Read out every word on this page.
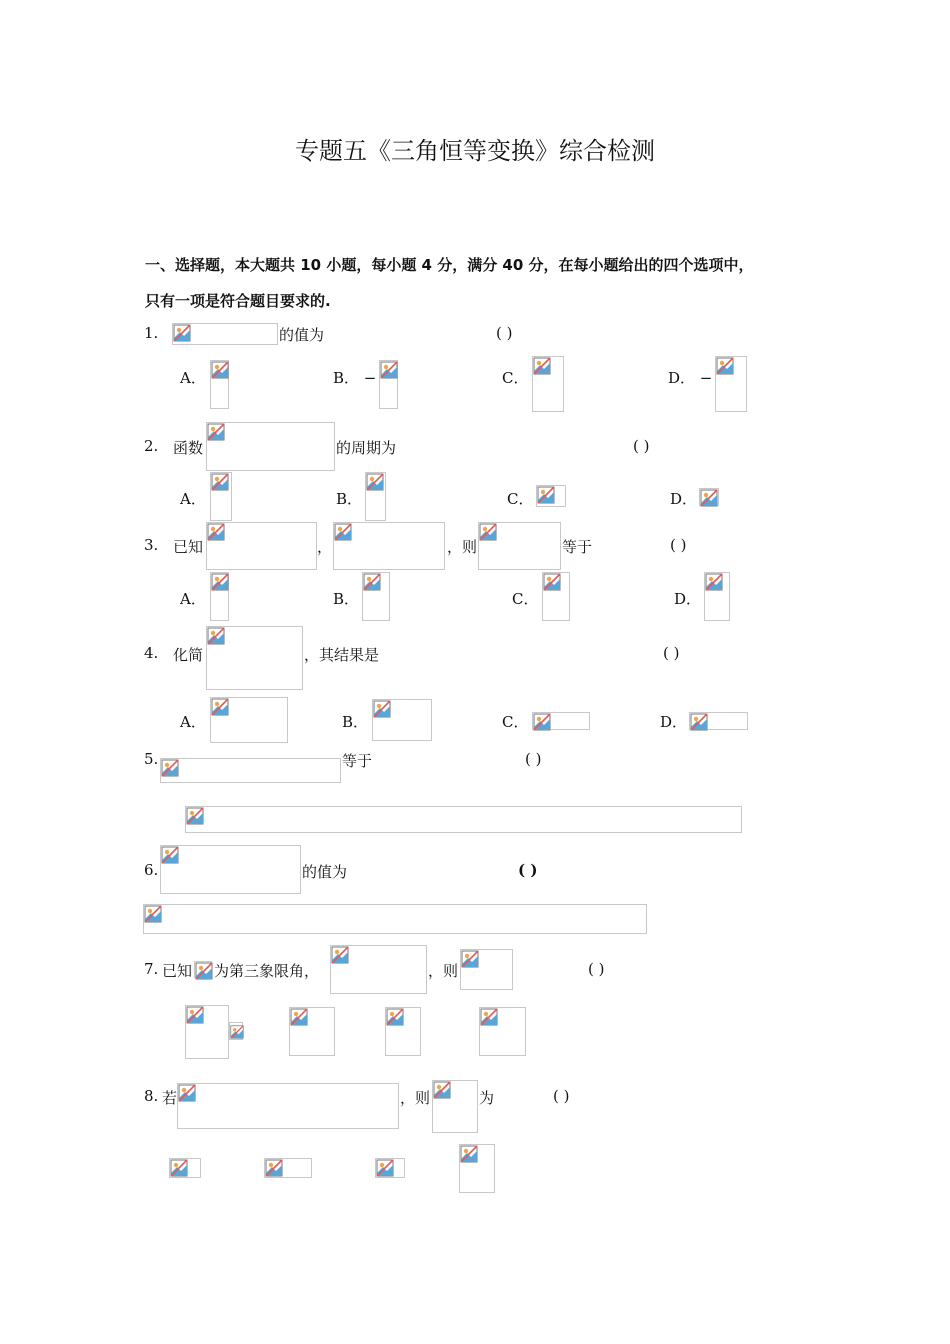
专题五《三角恒等变换》综合检测
一、选择题，本大题共 10 小题，每小题 4 分，满分 40 分，在每小题给出的四个选项中，
只有一项是符合题目要求的.
1.	的值为	( )
A．	B． −	C．	D． −
2. 函数	的周期为	( )
A．	B．	C．	D．
3. 已知	，	，则	等于	( )
A．	B．	C．	D．
4. 化简	，其结果是	( )
A．	B．	C．	D．
5.	等于	( )
6.	的值为	( )
7. 已知 为第三象限角，	，则	( )
8. 若	，则	为	( )
